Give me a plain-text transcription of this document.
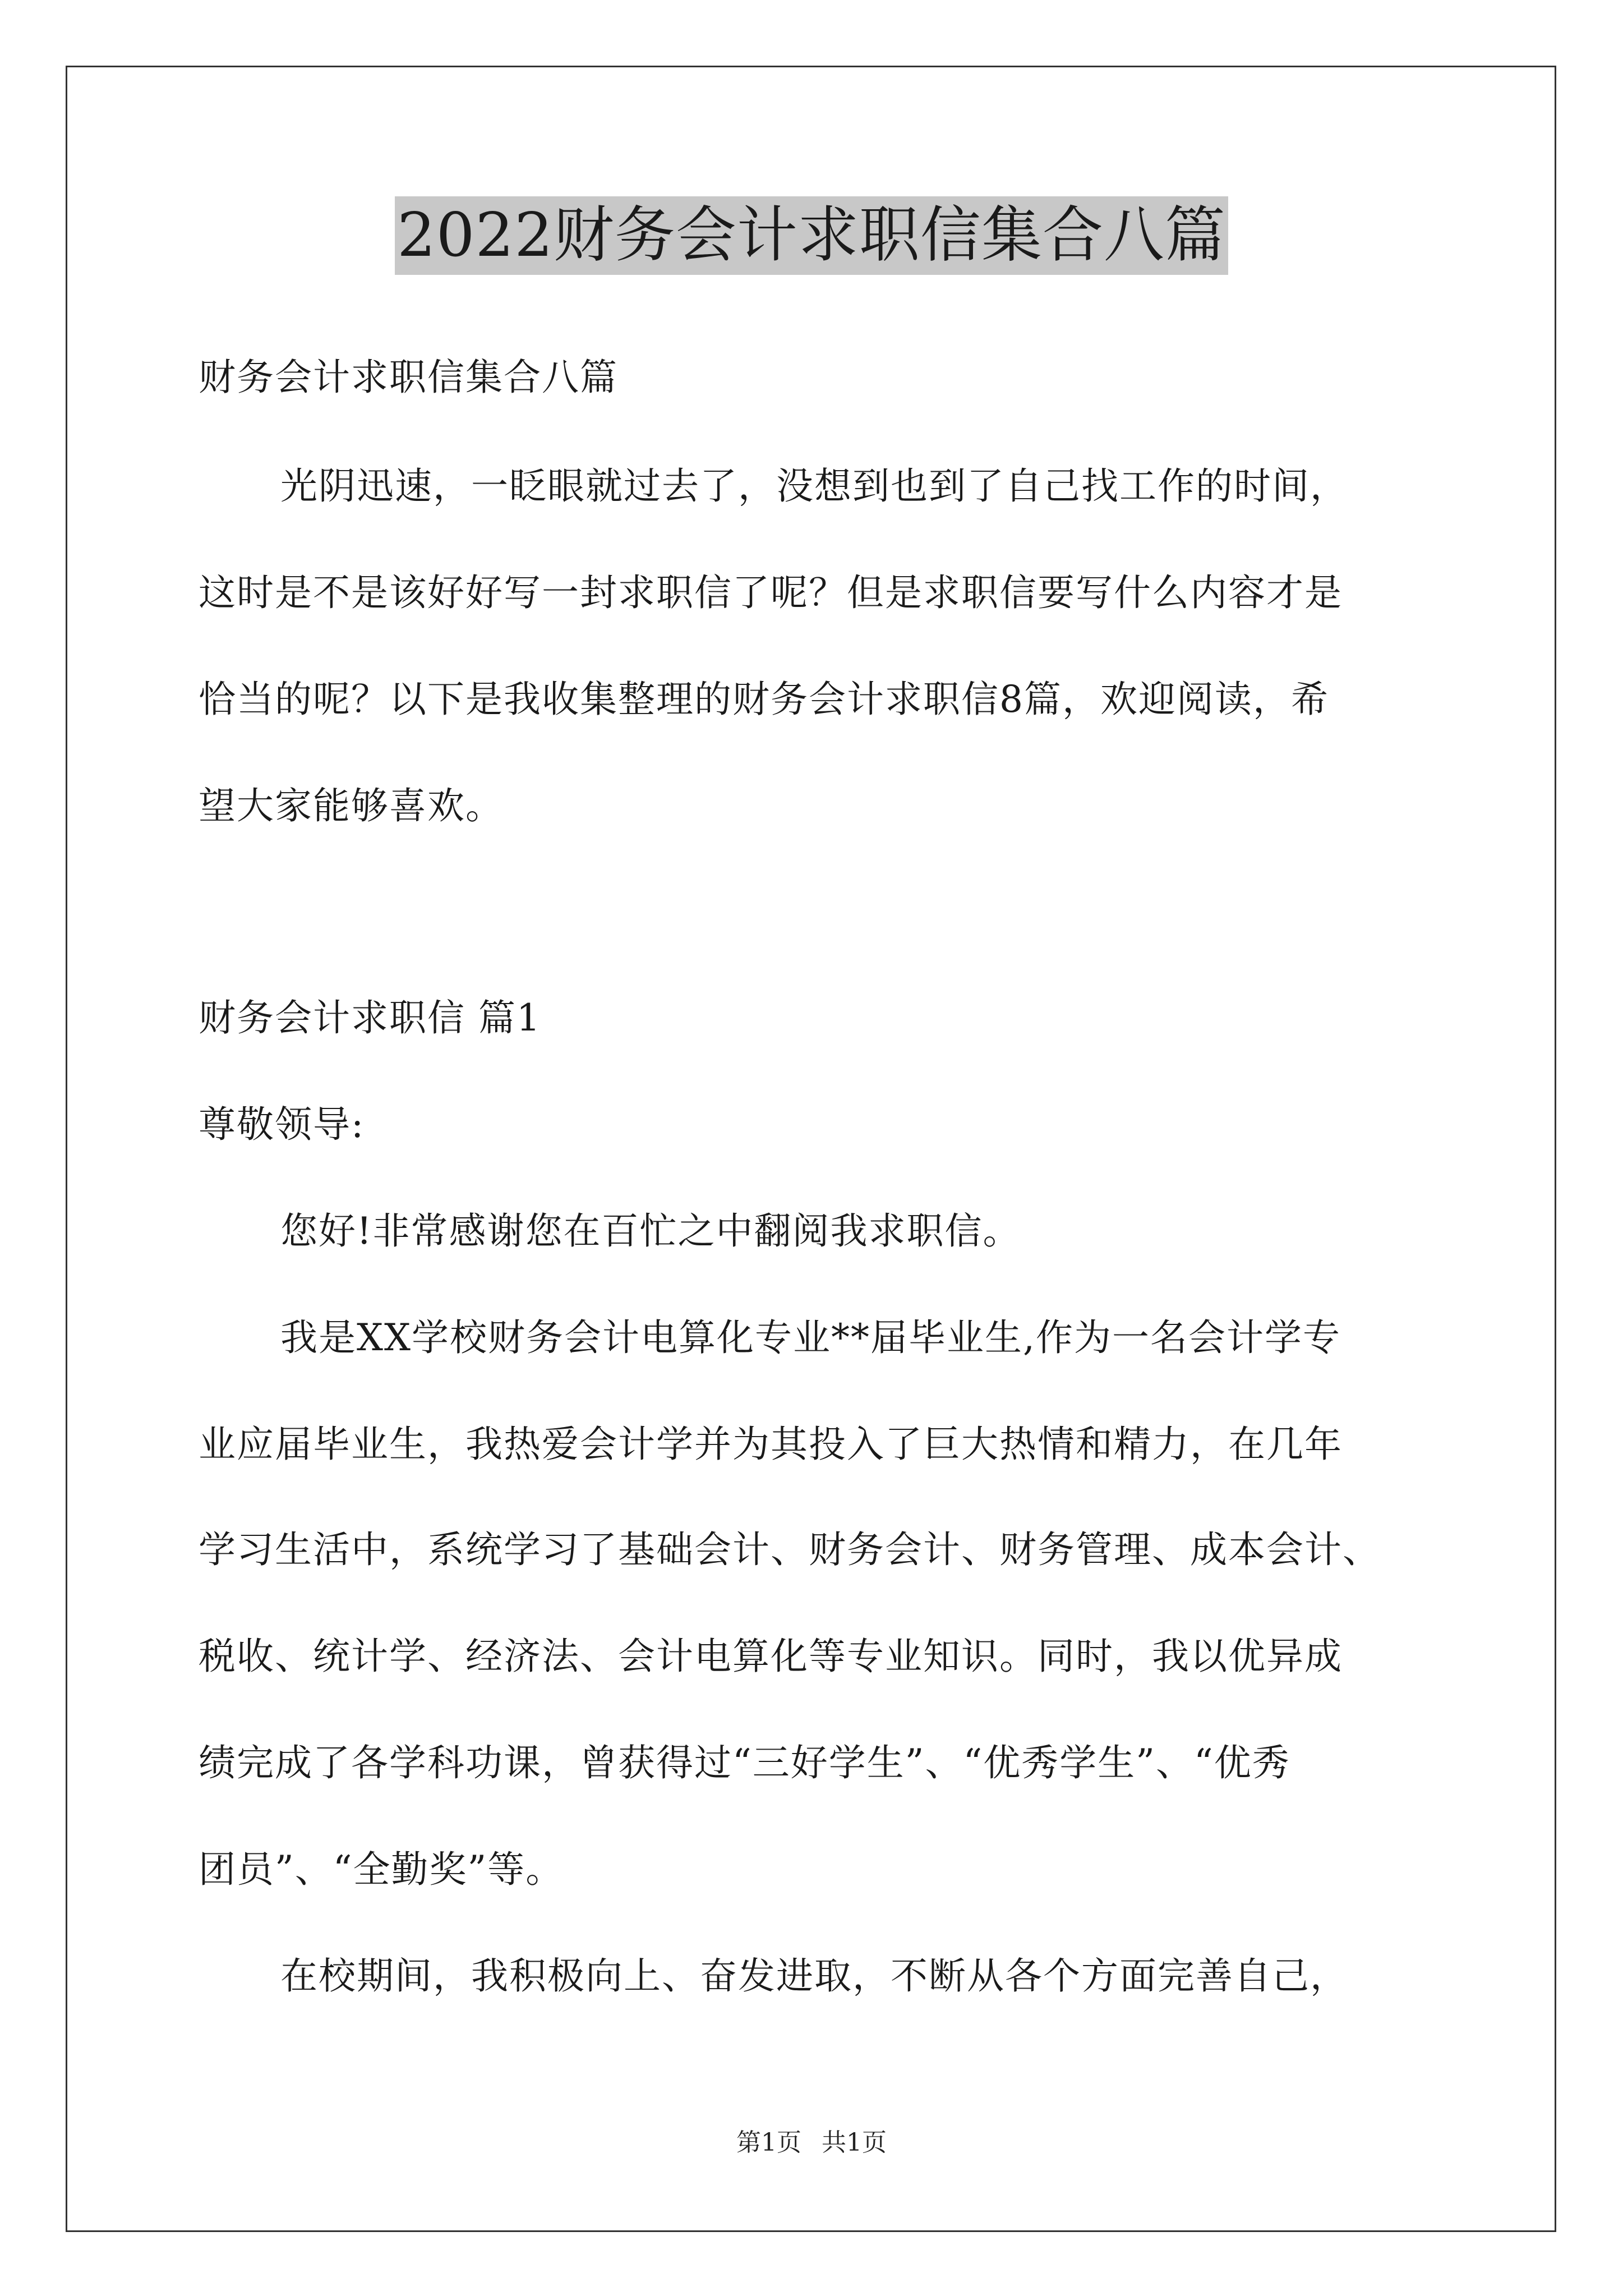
2022财务会计求职信集合八篇
财务会计求职信集合八篇
光阴迅速，一眨眼就过去了，没想到也到了自己找工作的时间，
这时是不是该好好写一封求职信了呢？但是求职信要写什么内容才是
恰当的呢？以下是我收集整理的财务会计求职信8篇，欢迎阅读，希
望大家能够喜欢。
财务会计求职信 篇1
尊敬领导:
您好!非常感谢您在百忙之中翻阅我求职信。
我是XX学校财务会计电算化专业**届毕业生,作为一名会计学专
业应届毕业生，我热爱会计学并为其投入了巨大热情和精力，在几年
学习生活中，系统学习了基础会计、财务会计、财务管理、成本会计、
税收、统计学、经济法、会计电算化等专业知识。同时，我以优异成
绩完成了各学科功课，曾获得过“三好学生”、“优秀学生”、“优秀
团员”、“全勤奖”等。
在校期间，我积极向上、奋发进取，不断从各个方面完善自己，
第1页 共1页
